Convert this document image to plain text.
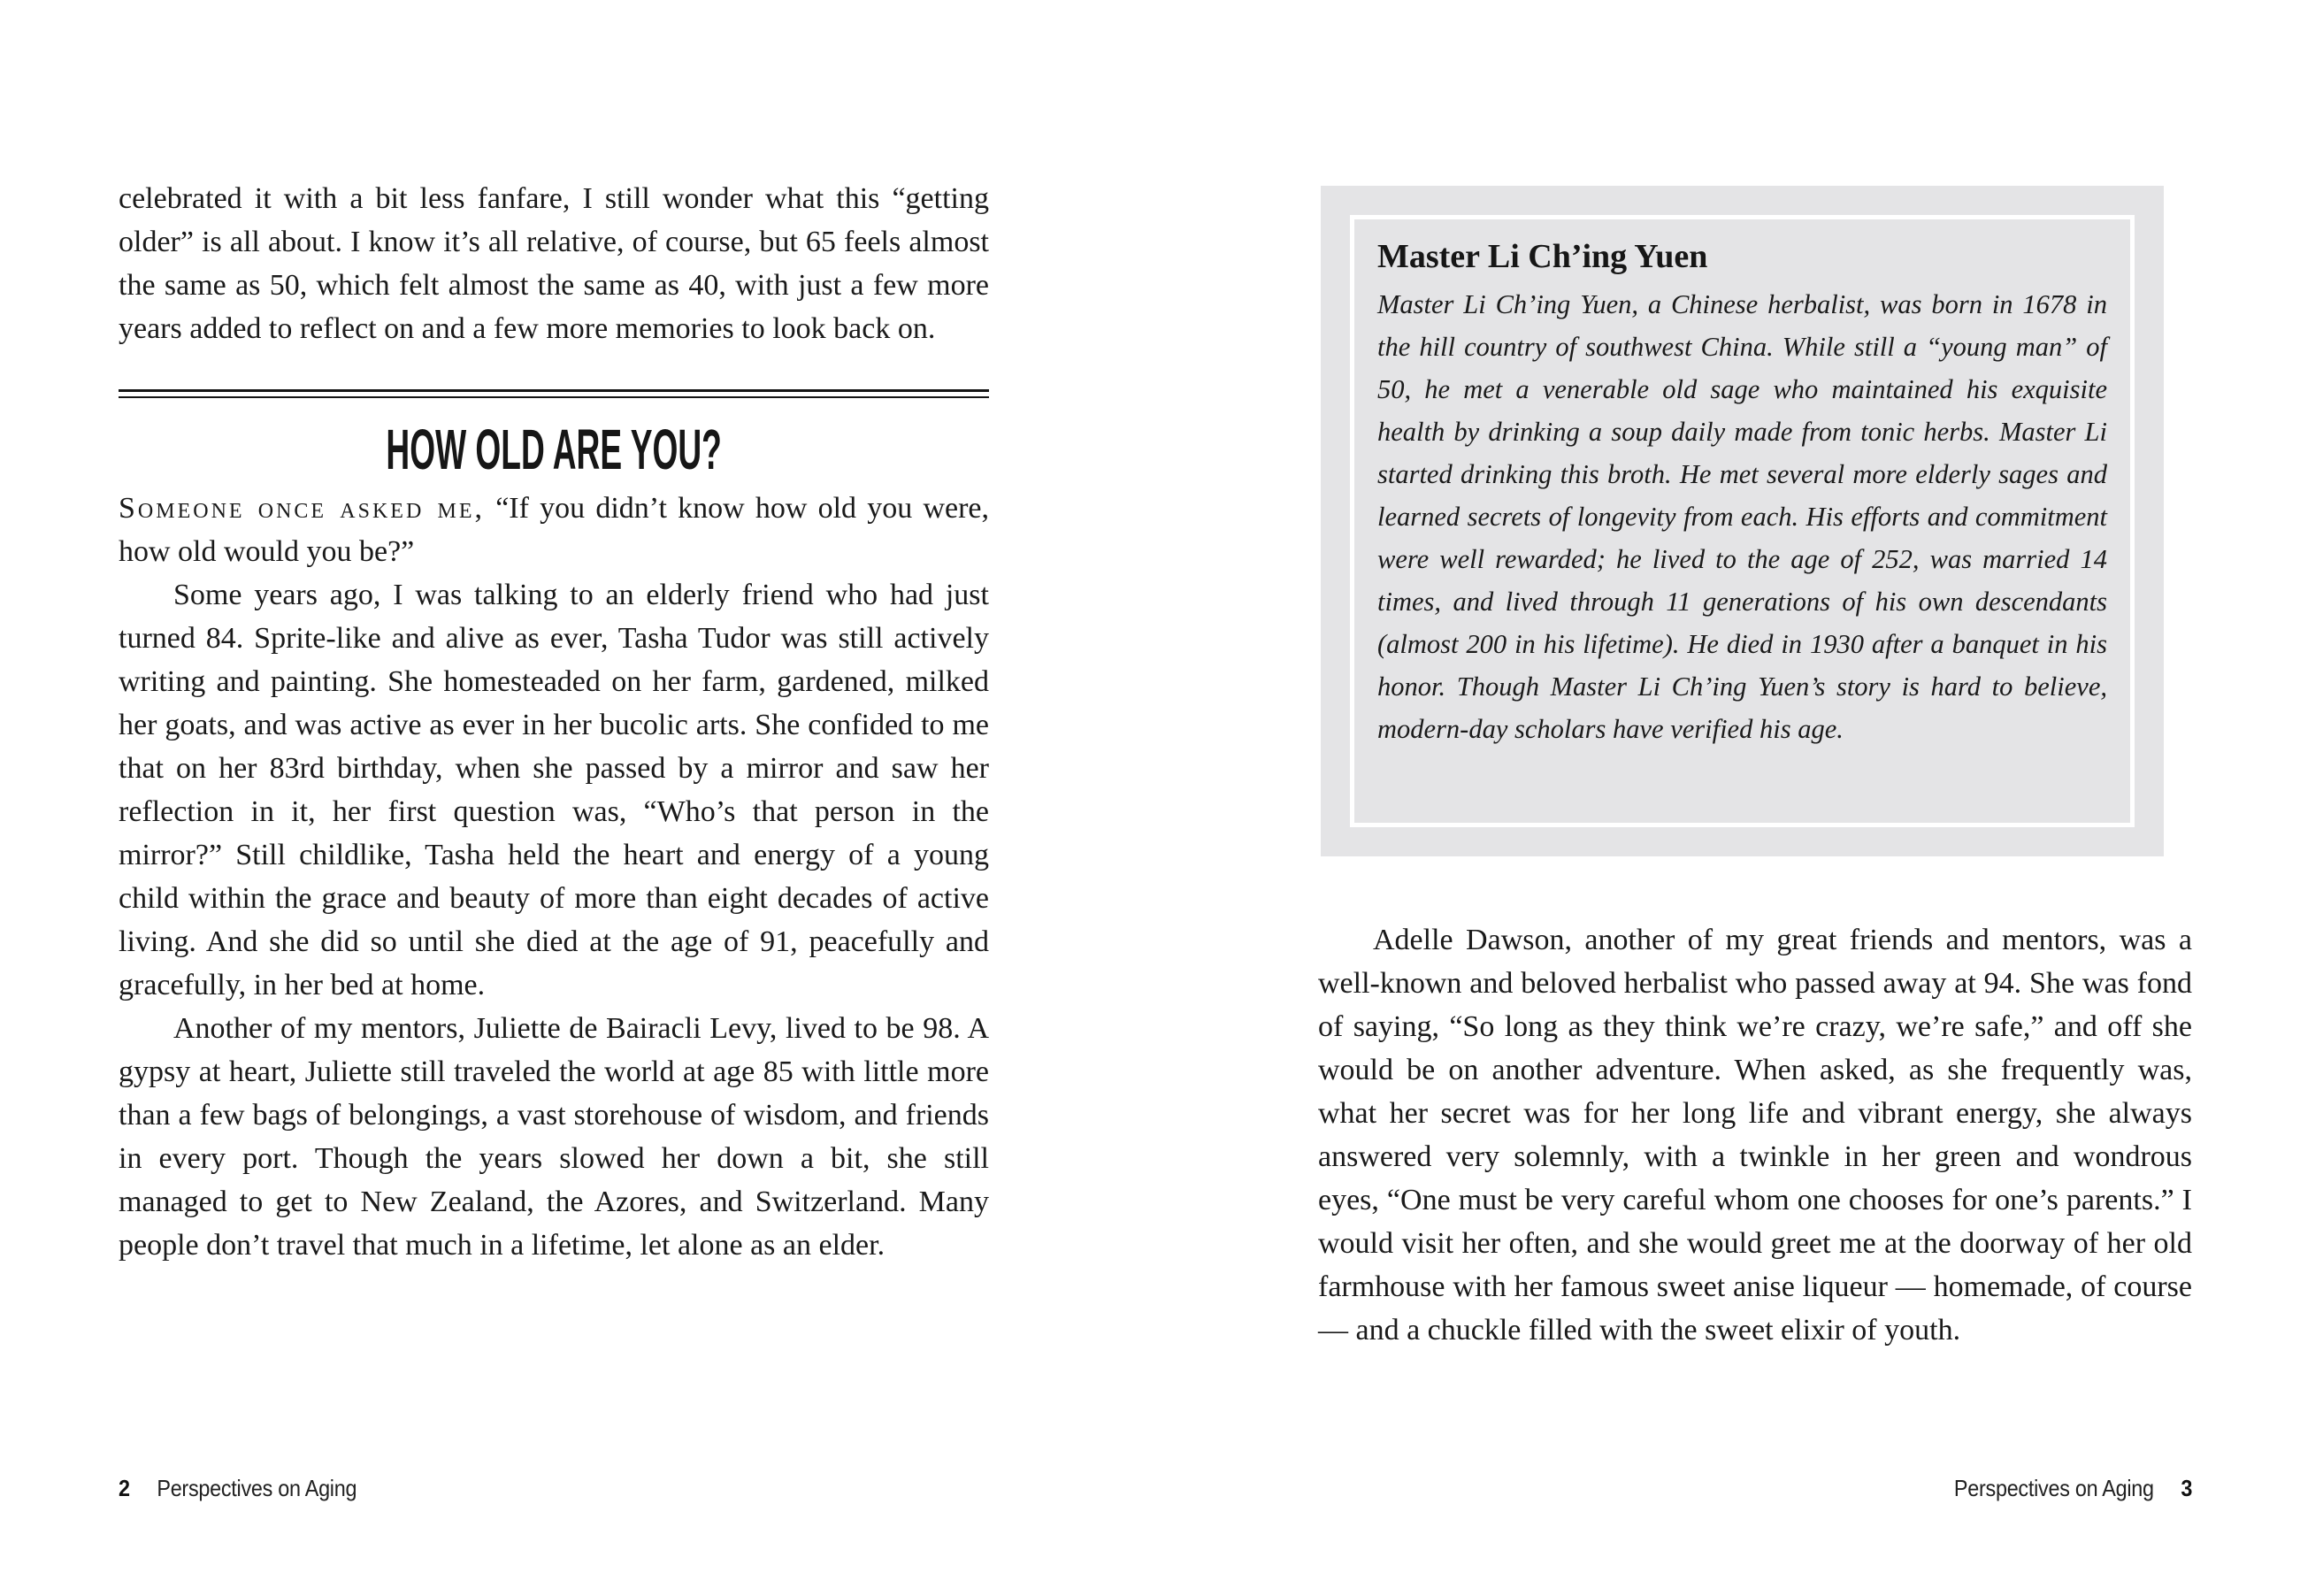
celebrated it with a bit less fanfare, I still wonder what this “getting older” is all about. I know it’s all relative, of course, but 65 feels almost the same as 50, which felt almost the same as 40, with just a few more years added to reflect on and a few more memories to look back on.

HOW OLD ARE YOU?

Someone once asked me, “If you didn’t know how old you were, how old would you be?”

Some years ago, I was talking to an elderly friend who had just turned 84. Sprite-like and alive as ever, Tasha Tudor was still actively writing and painting. She homesteaded on her farm, gardened, milked her goats, and was active as ever in her bucolic arts. She confided to me that on her 83rd birthday, when she passed by a mirror and saw her reflection in it, her first question was, “Who’s that person in the mirror?” Still childlike, Tasha held the heart and energy of a young child within the grace and beauty of more than eight decades of active living. And she did so until she died at the age of 91, peacefully and gracefully, in her bed at home.

Another of my mentors, Juliette de Bairacli Levy, lived to be 98. A gypsy at heart, Juliette still traveled the world at age 85 with little more than a few bags of belongings, a vast storehouse of wisdom, and friends in every port. Though the years slowed her down a bit, she still managed to get to New Zealand, the Azores, and Switzerland. Many people don’t travel that much in a lifetime, let alone as an elder.

2 Perspectives on Aging
Master Li Ch’ing Yuen

Master Li Ch’ing Yuen, a Chinese herbalist, was born in 1678 in the hill country of southwest China. While still a “young man” of 50, he met a venerable old sage who maintained his exquisite health by drinking a soup daily made from tonic herbs. Master Li started drinking this broth. He met several more elderly sages and learned secrets of longevity from each. His efforts and commitment were well rewarded; he lived to the age of 252, was married 14 times, and lived through 11 generations of his own descendants (almost 200 in his lifetime). He died in 1930 after a banquet in his honor. Though Master Li Ch’ing Yuen’s story is hard to believe, modern-day scholars have verified his age.

Adelle Dawson, another of my great friends and mentors, was a well-known and beloved herbalist who passed away at 94. She was fond of saying, “So long as they think we’re crazy, we’re safe,” and off she would be on another adventure. When asked, as she frequently was, what her secret was for her long life and vibrant energy, she always answered very solemnly, with a twinkle in her green and wondrous eyes, “One must be very careful whom one chooses for one’s parents.” I would visit her often, and she would greet me at the doorway of her old farmhouse with her famous sweet anise liqueur — homemade, of course — and a chuckle filled with the sweet elixir of youth.

Perspectives on Aging 3
